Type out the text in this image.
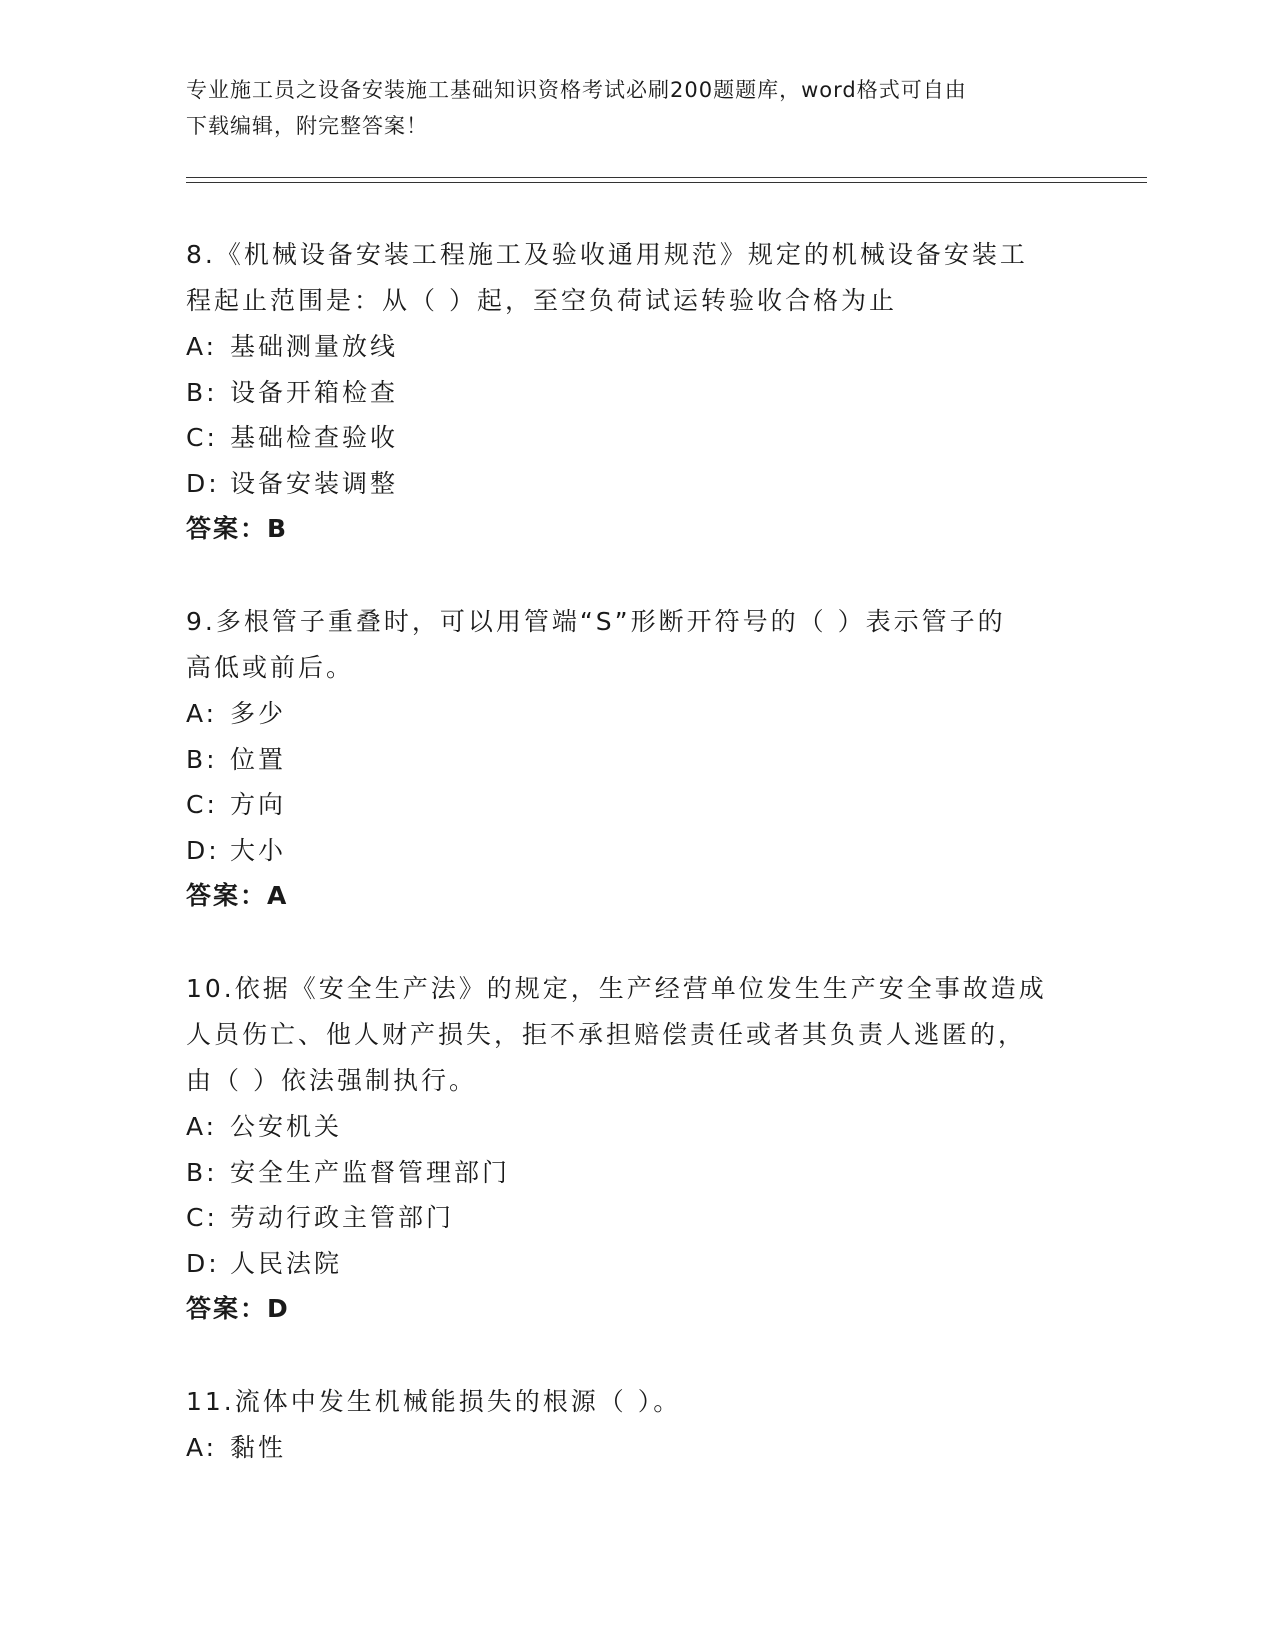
专业施工员之设备安装施工基础知识资格考试必刷200题题库，word格式可自由
下载编辑，附完整答案！
8.《机械设备安装工程施工及验收通用规范》规定的机械设备安装工
程起止范围是：从（ ）起，至空负荷试运转验收合格为止
A: 基础测量放线
B: 设备开箱检查
C: 基础检查验收
D: 设备安装调整
答案：B
9.多根管子重叠时，可以用管端“S”形断开符号的（ ）表示管子的
高低或前后。
A: 多少
B: 位置
C: 方向
D: 大小
答案：A
10.依据《安全生产法》的规定，生产经营单位发生生产安全事故造成
人员伤亡、他人财产损失，拒不承担赔偿责任或者其负责人逃匿的，
由（ ）依法强制执行。
A: 公安机关
B: 安全生产监督管理部门
C: 劳动行政主管部门
D: 人民法院
答案：D
11.流体中发生机械能损失的根源（ ）。
A: 黏性
